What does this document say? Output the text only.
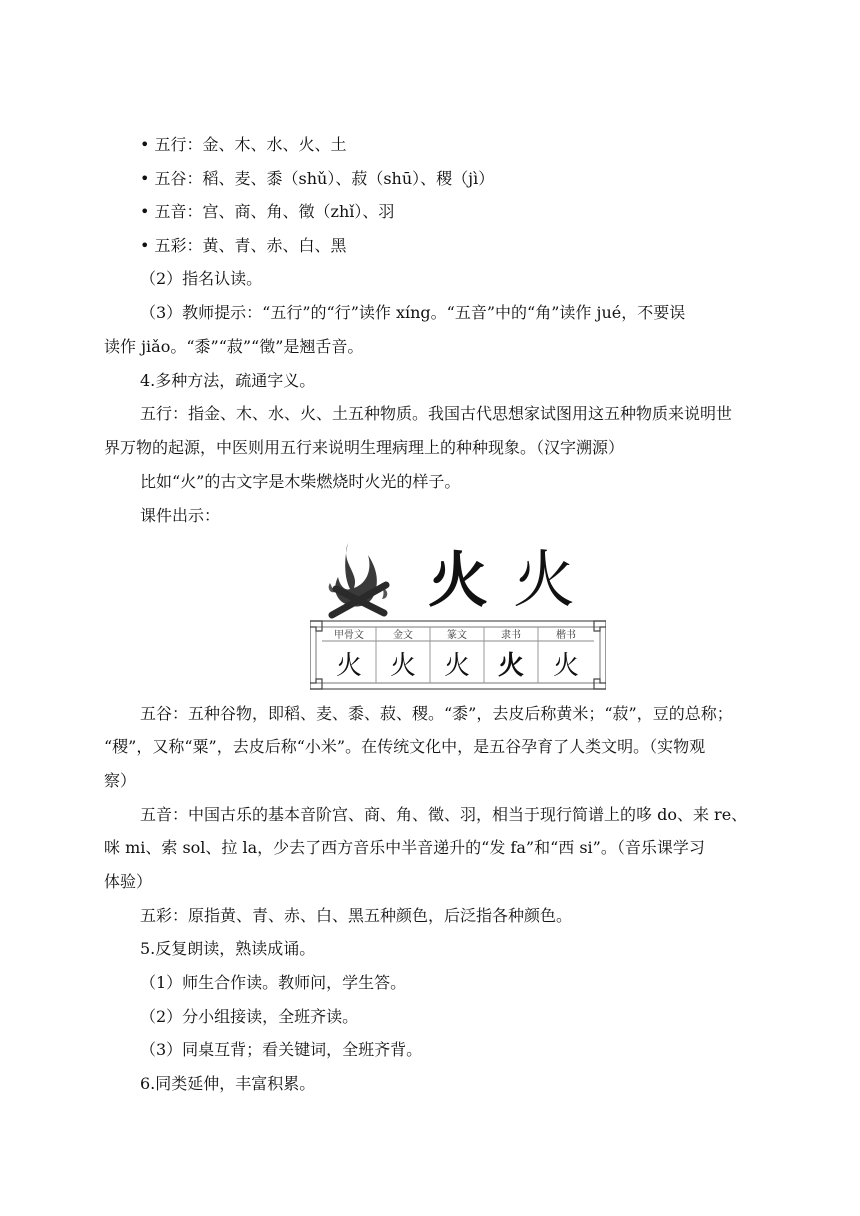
• 五行：金、木、水、火、土
• 五谷：稻、麦、黍（shǔ）、菽（shū）、稷（jì）
• 五音：宫、商、角、徵（zhǐ）、羽
• 五彩：黄、青、赤、白、黑
（2）指名认读。
（3）教师提示：“五行”的“行”读作 xíng。“五音”中的“角”读作 jué，不要误
读作 jiǎo。“黍”“菽”“徵”是翘舌音。
4.多种方法，疏通字义。
五行：指金、木、水、火、土五种物质。我国古代思想家试图用这五种物质来说明世
界万物的起源，中医则用五行来说明生理病理上的种种现象。（汉字溯源）
比如“火”的古文字是木柴燃烧时火光的样子。
课件出示：
火 火
甲骨文	金文	篆文	隶书	楷书
火 火 火 火 火
五谷：五种谷物，即稻、麦、黍、菽、稷。“黍”，去皮后称黄米；“菽”，豆的总称；
“稷”，又称“粟”，去皮后称“小米”。在传统文化中，是五谷孕育了人类文明。（实物观
察）
五音：中国古乐的基本音阶宫、商、角、徵、羽，相当于现行简谱上的哆 do、来 re、
咪 mi、索 sol、拉 la，少去了西方音乐中半音递升的“发 fa”和“西 si”。（音乐课学习
体验）
五彩：原指黄、青、赤、白、黑五种颜色，后泛指各种颜色。
5.反复朗读，熟读成诵。
（1）师生合作读。教师问，学生答。
（2）分小组接读，全班齐读。
（3）同桌互背；看关键词，全班齐背。
6.同类延伸，丰富积累。
